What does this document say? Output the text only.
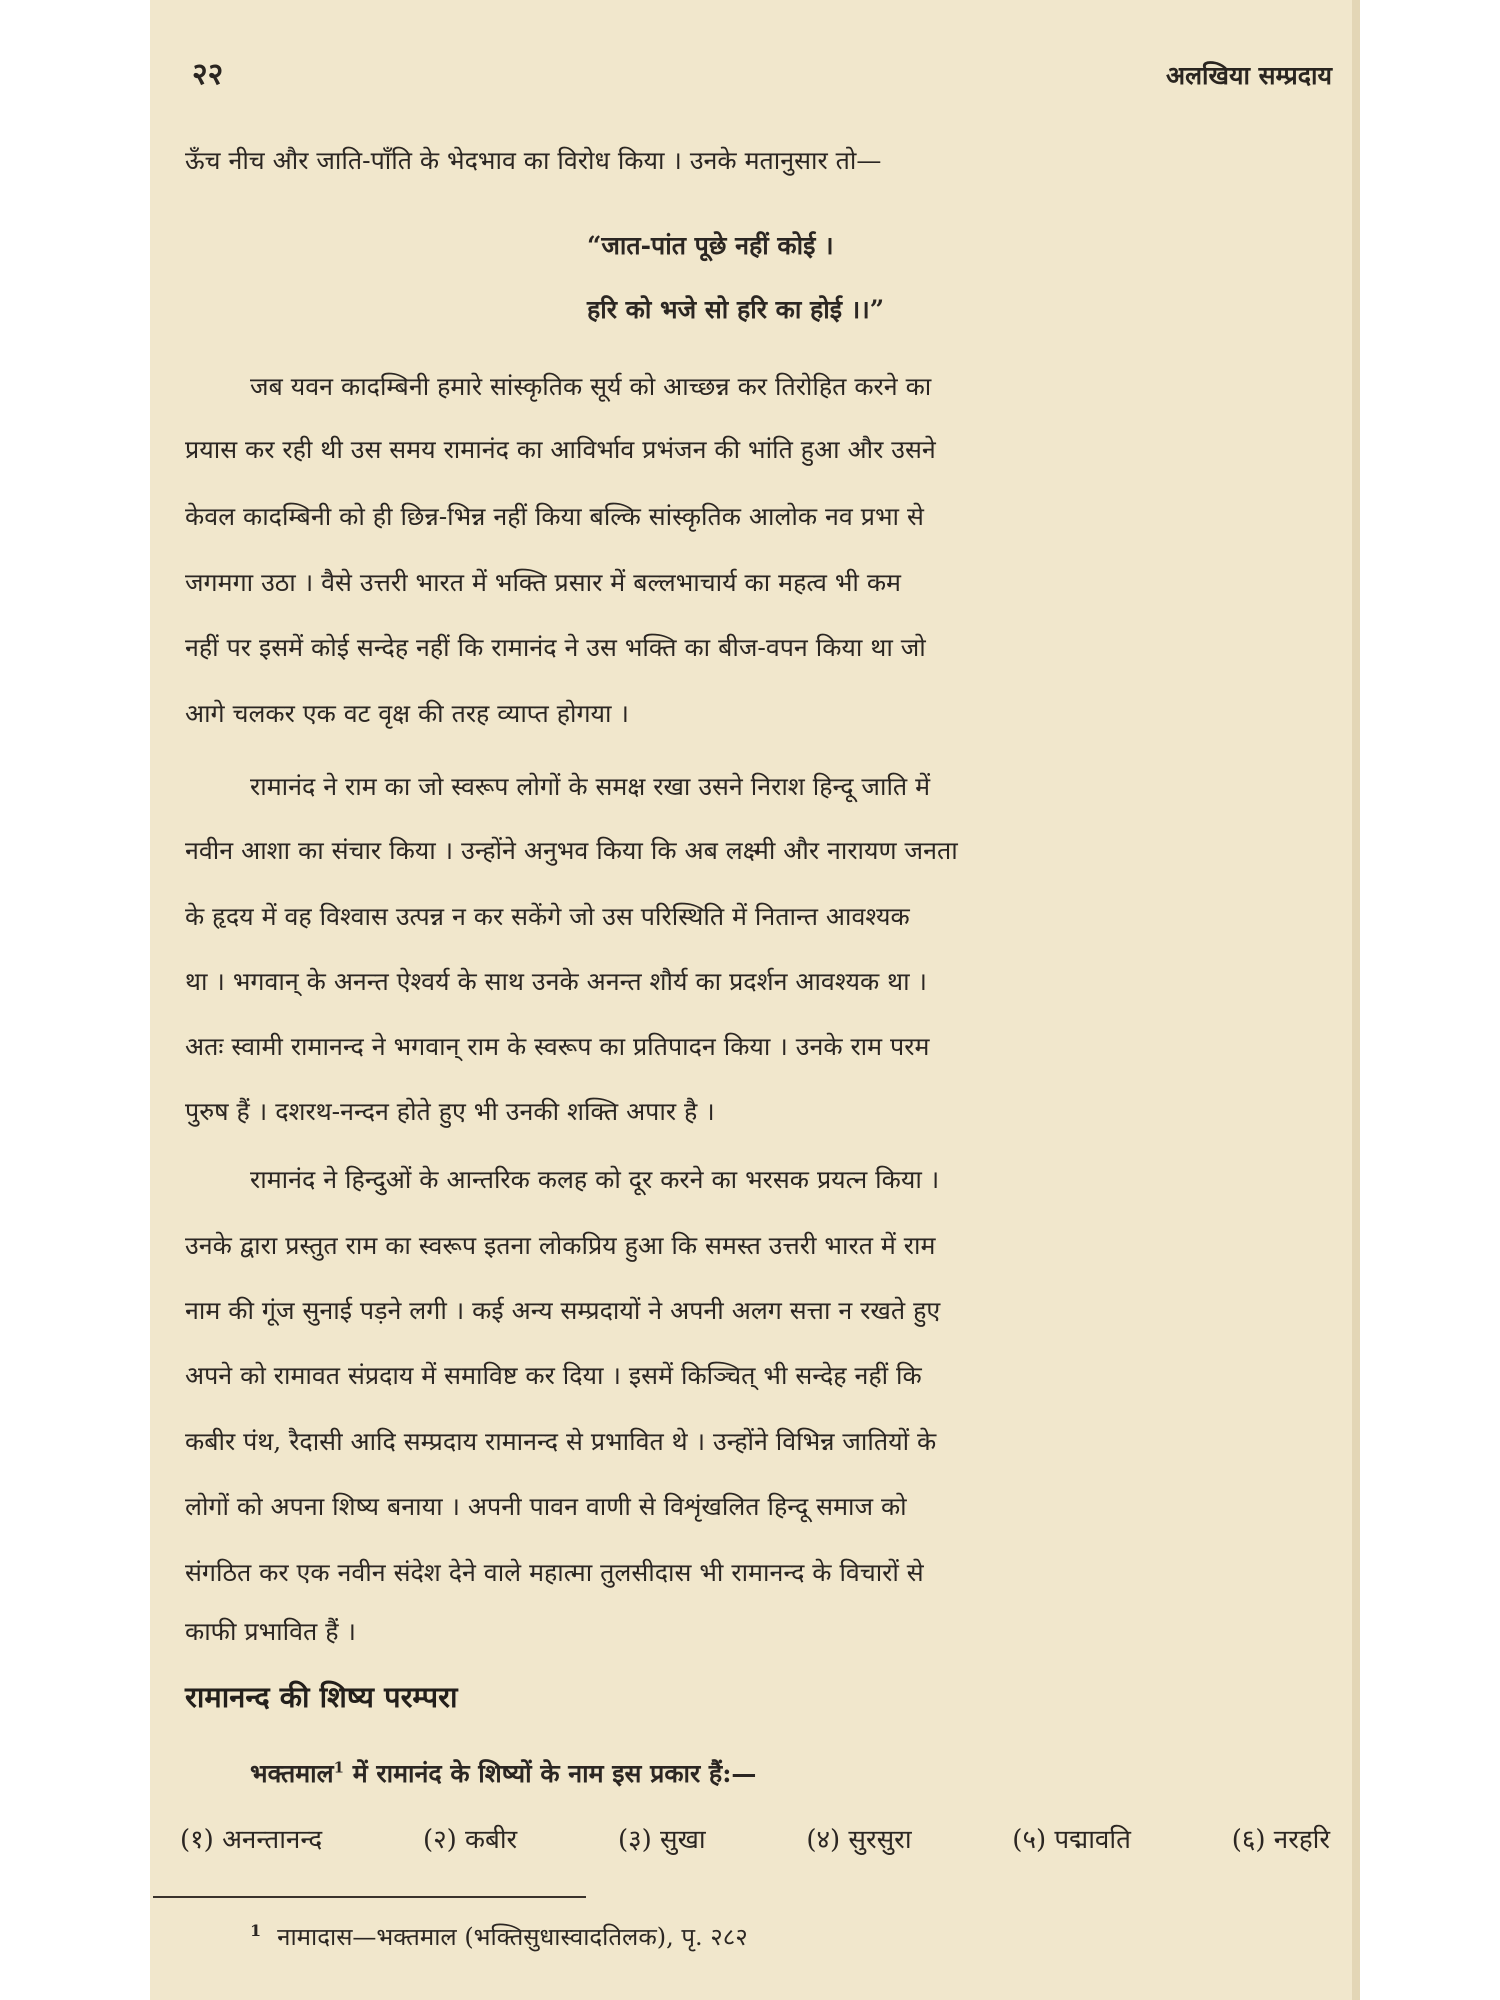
२२	अलखिया सम्प्रदाय
ऊँच नीच और जाति-पाँति के भेदभाव का विरोध किया । उनके मतानुसार तो—
“जात-पांत पूछे नहीं कोई ।
हरि को भजे सो हरि का होई ।।”
जब यवन कादम्बिनी हमारे सांस्कृतिक सूर्य को आच्छन्न कर तिरोहित करने का
प्रयास कर रही थी उस समय रामानंद का आविर्भाव प्रभंजन की भांति हुआ और उसने
केवल कादम्बिनी को ही छिन्न-भिन्न नहीं किया बल्कि सांस्कृतिक आलोक नव प्रभा से
जगमगा उठा । वैसे उत्तरी भारत में भक्ति प्रसार में बल्लभाचार्य का महत्व भी कम
नहीं पर इसमें कोई सन्देह नहीं कि रामानंद ने उस भक्ति का बीज-वपन किया था जो
आगे चलकर एक वट वृक्ष की तरह व्याप्त होगया ।
रामानंद ने राम का जो स्वरूप लोगों के समक्ष रखा उसने निराश हिन्दू जाति में
नवीन आशा का संचार किया । उन्होंने अनुभव किया कि अब लक्ष्मी और नारायण जनता
के हृदय में वह विश्वास उत्पन्न न कर सकेंगे जो उस परिस्थिति में नितान्त आवश्यक
था । भगवान् के अनन्त ऐश्वर्य के साथ उनके अनन्त शौर्य का प्रदर्शन आवश्यक था ।
अतः स्वामी रामानन्द ने भगवान् राम के स्वरूप का प्रतिपादन किया । उनके राम परम
पुरुष हैं । दशरथ-नन्दन होते हुए भी उनकी शक्ति अपार है ।
रामानंद ने हिन्दुओं के आन्तरिक कलह को दूर करने का भरसक प्रयत्न किया ।
उनके द्वारा प्रस्तुत राम का स्वरूप इतना लोकप्रिय हुआ कि समस्त उत्तरी भारत में राम
नाम की गूंज सुनाई पड़ने लगी । कई अन्य सम्प्रदायों ने अपनी अलग सत्ता न रखते हुए
अपने को रामावत संप्रदाय में समाविष्ट कर दिया । इसमें किञ्चित् भी सन्देह नहीं कि
कबीर पंथ, रैदासी आदि सम्प्रदाय रामानन्द से प्रभावित थे । उन्होंने विभिन्न जातियों के
लोगों को अपना शिष्य बनाया । अपनी पावन वाणी से विशृंखलित हिन्दू समाज को
संगठित कर एक नवीन संदेश देने वाले महात्मा तुलसीदास भी रामानन्द के विचारों से
काफी प्रभावित हैं ।
रामानन्द की शिष्य परम्परा
भक्तमाल$^1$ में रामानंद के शिष्यों के नाम इस प्रकार हैं:—
(१) अनन्तानन्द	(२) कबीर	(३) सुखा	(४) सुरसुरा	(५) पद्मावति	(६) नरहरि
$^1$ नामादास—भक्तमाल (भक्तिसुधास्वादतिलक), पृ. २८२
